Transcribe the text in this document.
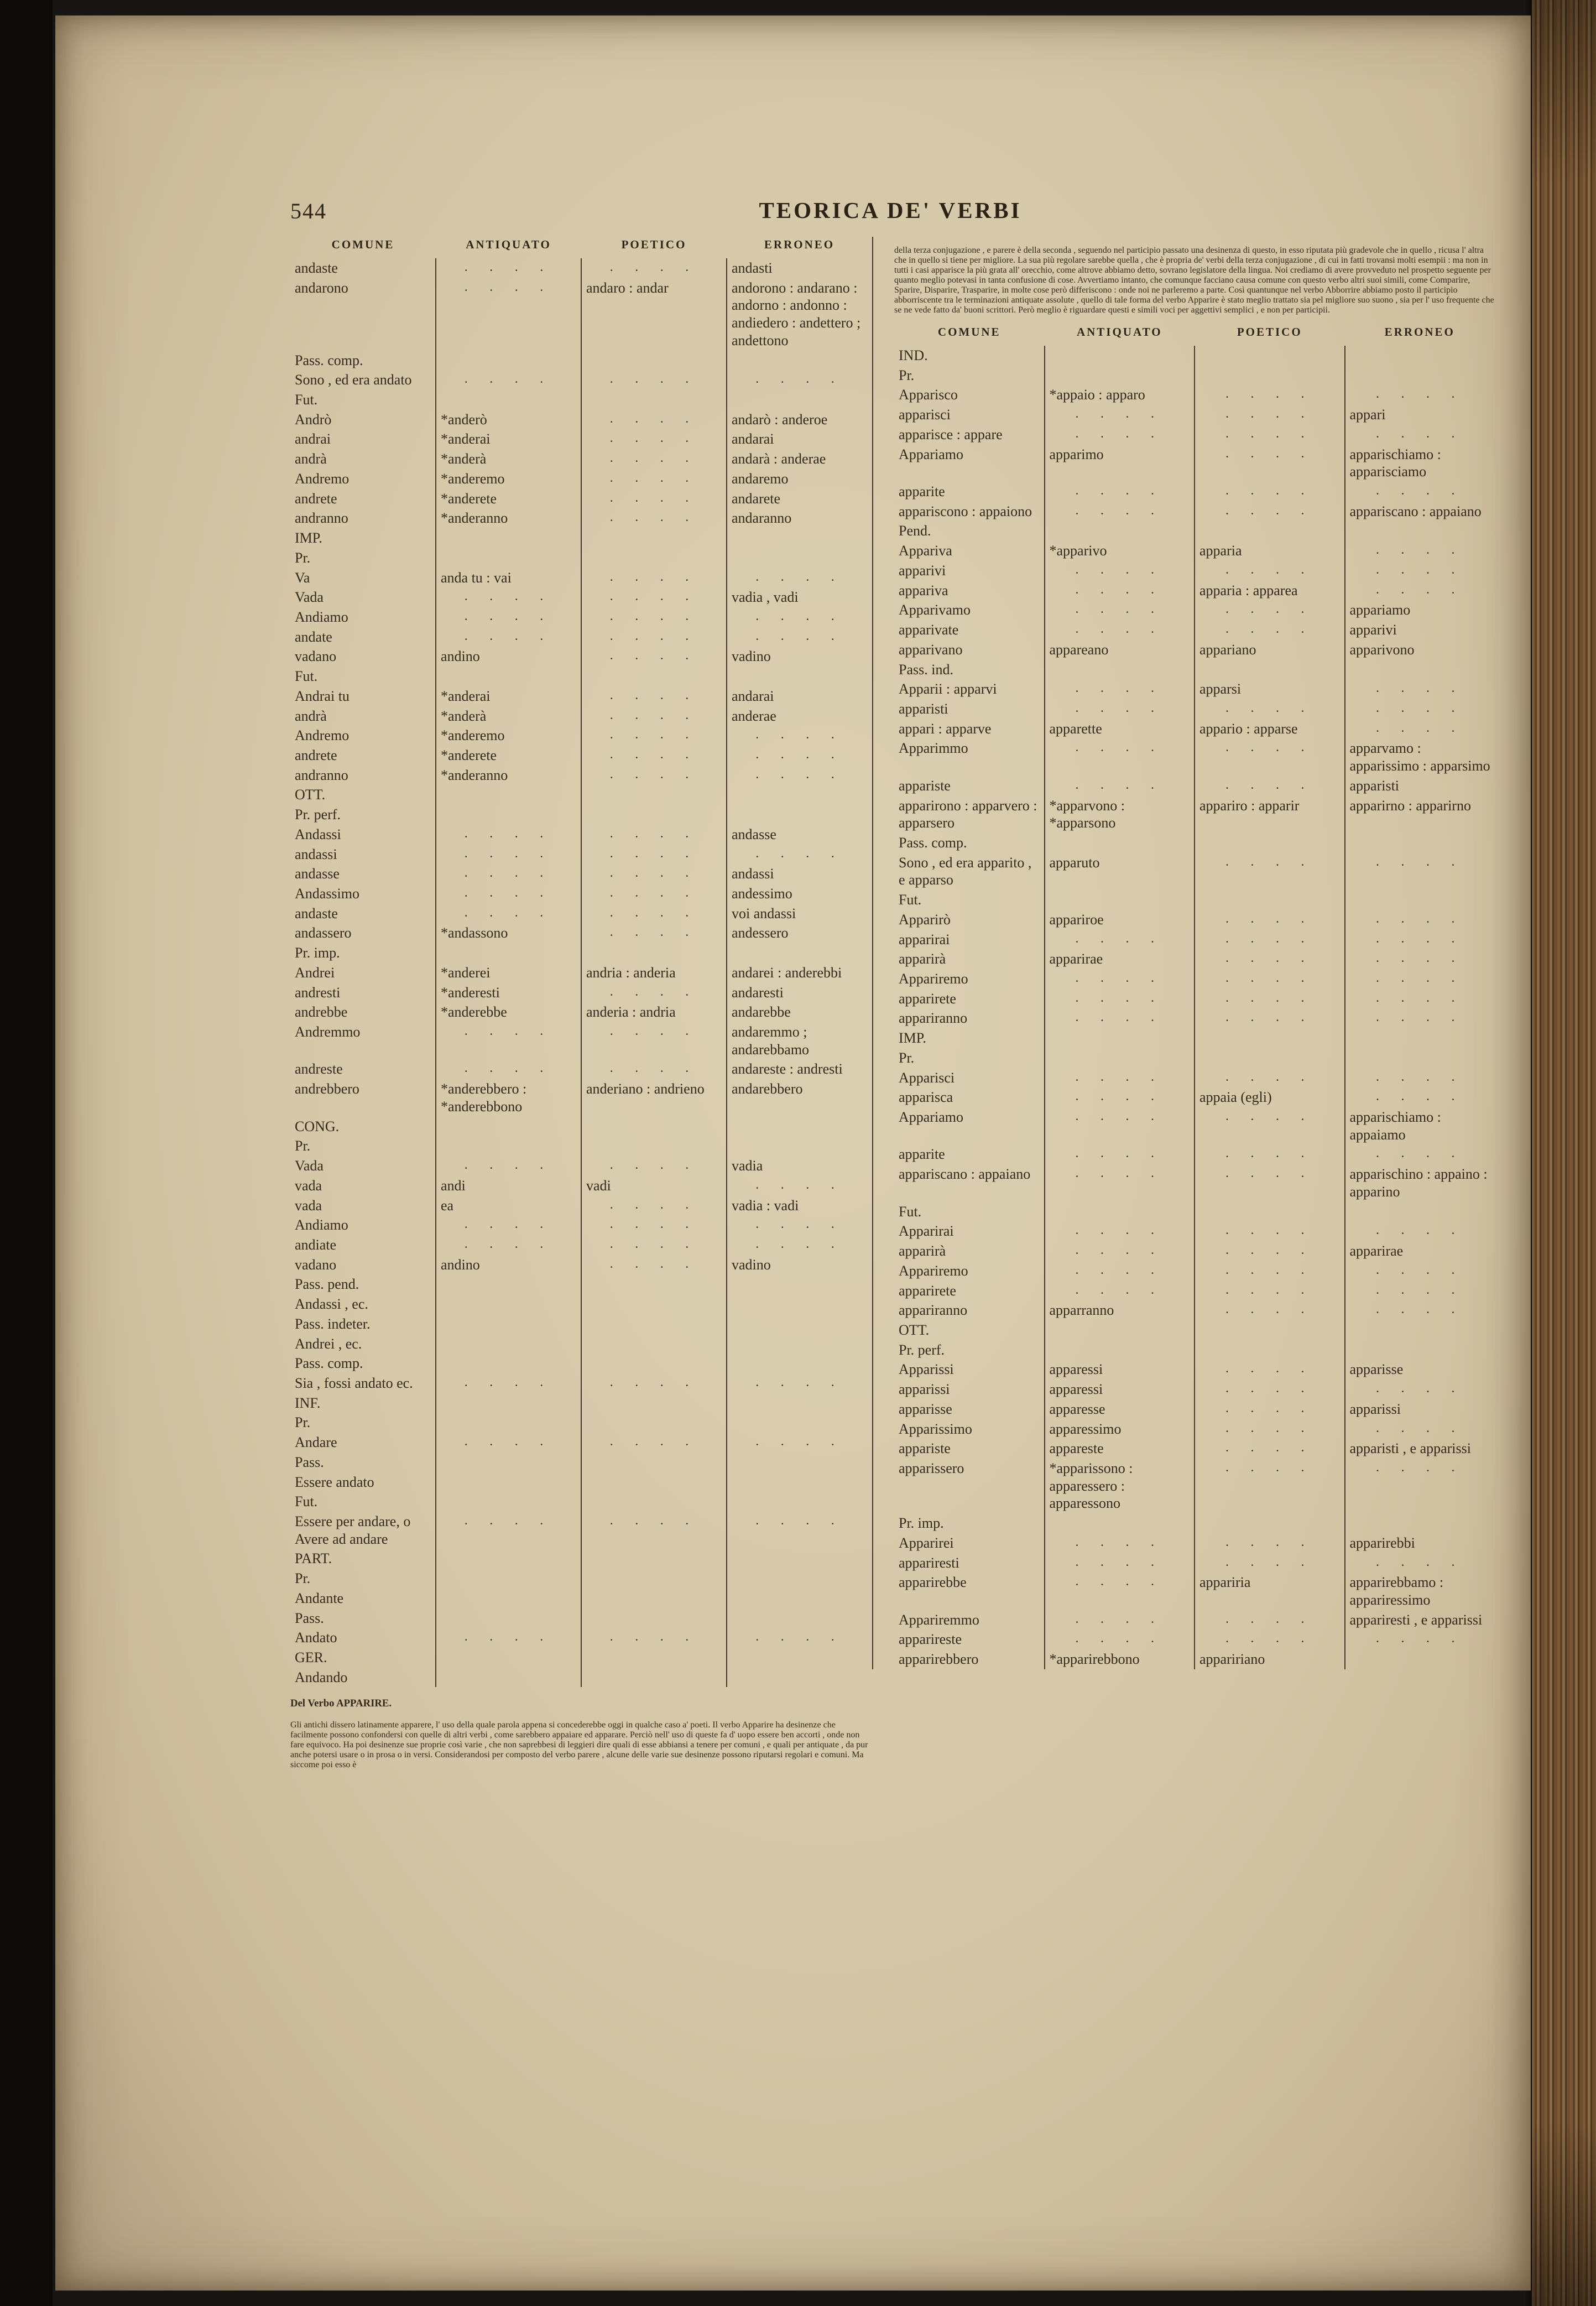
544	TEORICA DE' VERBI
COMUNE	ANTIQUATO	POETICO	ERRONEO
andaste	. . . .	. . . .	andasti
andarono	. . . .	andaro : andar	andorono : andarano : andorno : andonno : andiedero : andettero ; andettono
Pass. comp.			
Sono , ed era andato	. . . .	. . . .	. . . .
Fut.			
Andrò	*anderò	. . . .	andarò : anderoe
andrai	*anderai	. . . .	andarai
andrà	*anderà	. . . .	andarà : anderae
Andremo	*anderemo	. . . .	andaremo
andrete	*anderete	. . . .	andarete
andranno	*anderanno	. . . .	andaranno
IMP.			
Pr.			
Va	anda tu : vai	. . . .	. . . .
Vada	. . . .	. . . .	vadia , vadi
Andiamo	. . . .	. . . .	. . . .
andate	. . . .	. . . .	. . . .
vadano	andino	. . . .	vadino
Fut.			
Andrai tu	*anderai	. . . .	andarai
andrà	*anderà	. . . .	anderae
Andremo	*anderemo	. . . .	. . . .
andrete	*anderete	. . . .	. . . .
andranno	*anderanno	. . . .	. . . .
OTT.			
Pr. perf.			
Andassi	. . . .	. . . .	andasse
andassi	. . . .	. . . .	. . . .
andasse	. . . .	. . . .	andassi
Andassimo	. . . .	. . . .	andessimo
andaste	. . . .	. . . .	voi andassi
andassero	*andassono	. . . .	andessero
Pr. imp.			
Andrei	*anderei	andria : anderia	andarei : anderebbi
andresti	*anderesti	. . . .	andaresti
andrebbe	*anderebbe	anderia : andria	andarebbe
Andremmo	. . . .	. . . .	andaremmo ; andarebbamo
andreste	. . . .	. . . .	andareste : andresti
andrebbero	*anderebbero : *anderebbono	anderiano : andrieno	andarebbero
CONG.			
Pr.			
Vada	. . . .	. . . .	vadia
vada	andi	vadi	. . . .
vada	ea	. . . .	vadia : vadi
Andiamo	. . . .	. . . .	. . . .
andiate	. . . .	. . . .	. . . .
vadano	andino	. . . .	vadino
Pass. pend.			
Andassi , ec.			
Pass. indeter.			
Andrei , ec.			
Pass. comp.			
Sia , fossi andato ec.	. . . .	. . . .	. . . .
INF.			
Pr.			
Andare	. . . .	. . . .	. . . .
Pass.			
Essere andato			
Fut.			
Essere per andare, o Avere ad andare	. . . .	. . . .	. . . .
PART.			
Pr.			
Andante			
Pass.			
Andato	. . . .	. . . .	. . . .
GER.			
Andando			
Del Verbo APPARIRE.

Gli antichi dissero latinamente apparere, l' uso della quale parola appena si concederebbe oggi in qualche caso a' poeti. Il verbo Apparire ha desinenze che facilmente possono confondersi con quelle di altri verbi , come sarebbero appaiare ed apparare. Perciò nell' uso di queste fa d' uopo essere ben accorti , onde non fare equivoco. Ha poi desinenze sue proprie così varie , che non saprebbesi di leggieri dire quali di esse abbiansi a tenere per comuni , e quali per antiquate , da pur anche potersi usare o in prosa o in versi. Considerandosi per composto del verbo parere , alcune delle varie sue desinenze possono riputarsi regolari e comuni. Ma siccome poi esso è

della terza conjugazione , e parere è della seconda , seguendo nel participio passato una desinenza di questo, in esso riputata più gradevole che in quello , ricusa l' altra che in quello si tiene per migliore. La sua più regolare sarebbe quella , che è propria de' verbi della terza conjugazione , di cui in fatti trovansi molti esempii : ma non in tutti i casi apparisce la più grata all' orecchio, come altrove abbiamo detto, sovrano legislatore della lingua. Noi crediamo di avere provveduto nel prospetto seguente per quanto meglio potevasi in tanta confusione di cose. Avvertiamo intanto, che comunque facciano causa comune con questo verbo altri suoi simili, come Comparire, Sparire, Disparire, Trasparire, in molte cose però differiscono : onde noi ne parleremo a parte. Così quantunque nel verbo Abborrire abbiamo posto il participio abborriscente tra le terminazioni antiquate assolute , quello di tale forma del verbo Apparire è stato meglio trattato sia pel migliore suo suono , sia per l' uso frequente che se ne vede fatto da' buoni scrittori. Però meglio è riguardare questi e simili voci per aggettivi semplici , e non per participii.

COMUNE	ANTIQUATO	POETICO	ERRONEO
IND.			
Pr.			
Apparisco	*appaio : apparo	. . . .	. . . .
apparisci	. . . .	. . . .	appari
apparisce : appare	. . . .	. . . .	. . . .
Appariamo	apparimo	. . . .	apparischiamo : apparisciamo
apparite	. . . .	. . . .	. . . .
appariscono : appaiono	. . . .	. . . .	appariscano : appaiano
Pend.			
Appariva	*apparivo	apparia	. . . .
apparivi	. . . .	. . . .	. . . .
appariva	. . . .	apparia : apparea	. . . .
Apparivamo	. . . .	. . . .	appariamo
apparivate	. . . .	. . . .	apparivi
apparivano	appareano	appariano	apparivono
Pass. ind.			
Apparii : apparvi	. . . .	apparsi	. . . .
apparisti	. . . .	. . . .	. . . .
appari : apparve	apparette	appario : apparse	. . . .
Apparimmo	. . . .	. . . .	apparvamo : apparissimo : apparsimo
appariste	. . . .	. . . .	apparisti
apparirono : apparvero : apparsero	*apparvono : *apparsono	appariro : apparir	apparirno : apparirno
Pass. comp.			
Sono , ed era apparito , e apparso	apparuto	. . . .	. . . .
Fut.			
Apparirò	appariroe	. . . .	. . . .
apparirai	. . . .	. . . .	. . . .
apparirà	apparirae	. . . .	. . . .
Appariremo	. . . .	. . . .	. . . .
apparirete	. . . .	. . . .	. . . .
appariranno	. . . .	. . . .	. . . .
IMP.			
Pr.			
Apparisci	. . . .	. . . .	. . . .
apparisca	. . . .	appaia (egli)	. . . .
Appariamo	. . . .	. . . .	apparischiamo : appaiamo
apparite	. . . .	. . . .	. . . .
appariscano : appaiano	. . . .	. . . .	apparischino : appaino : apparino
Fut.			
Apparirai	. . . .	. . . .	. . . .
apparirà	. . . .	. . . .	apparirae
Appariremo	. . . .	. . . .	. . . .
apparirete	. . . .	. . . .	. . . .
appariranno	apparranno	. . . .	. . . .
OTT.			
Pr. perf.			
Apparissi	apparessi	. . . .	apparisse
apparissi	apparessi	. . . .	. . . .
apparisse	apparesse	. . . .	apparissi
Apparissimo	apparessimo	. . . .	. . . .
appariste	appareste	. . . .	apparisti , e apparissi
apparissero	*apparissono : apparessero : apparessono	. . . .	. . . .
Pr. imp.			
Apparirei	. . . .	. . . .	apparirebbi
appariresti	. . . .	. . . .	. . . .
apparirebbe	. . . .	appariria	apparirebbamo : appariressimo
Appariremmo	. . . .	. . . .	appariresti , e apparissi
apparireste	. . . .	. . . .	. . . .
apparirebbero	*apparirebbono	appaririano	
